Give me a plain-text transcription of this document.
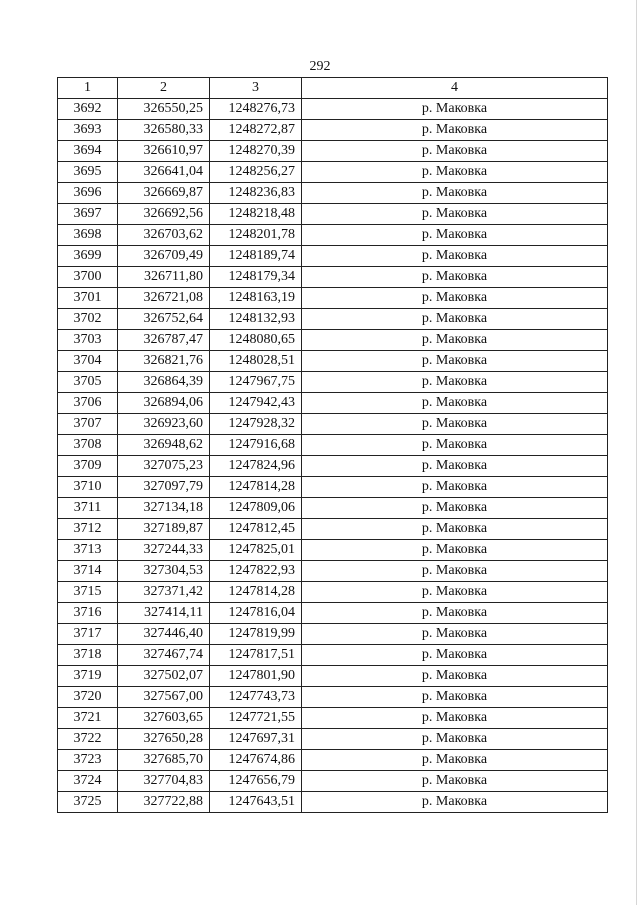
292
1	2	3	4
3692	326550,25	1248276,73	р. Маковка
3693	326580,33	1248272,87	р. Маковка
3694	326610,97	1248270,39	р. Маковка
3695	326641,04	1248256,27	р. Маковка
3696	326669,87	1248236,83	р. Маковка
3697	326692,56	1248218,48	р. Маковка
3698	326703,62	1248201,78	р. Маковка
3699	326709,49	1248189,74	р. Маковка
3700	326711,80	1248179,34	р. Маковка
3701	326721,08	1248163,19	р. Маковка
3702	326752,64	1248132,93	р. Маковка
3703	326787,47	1248080,65	р. Маковка
3704	326821,76	1248028,51	р. Маковка
3705	326864,39	1247967,75	р. Маковка
3706	326894,06	1247942,43	р. Маковка
3707	326923,60	1247928,32	р. Маковка
3708	326948,62	1247916,68	р. Маковка
3709	327075,23	1247824,96	р. Маковка
3710	327097,79	1247814,28	р. Маковка
3711	327134,18	1247809,06	р. Маковка
3712	327189,87	1247812,45	р. Маковка
3713	327244,33	1247825,01	р. Маковка
3714	327304,53	1247822,93	р. Маковка
3715	327371,42	1247814,28	р. Маковка
3716	327414,11	1247816,04	р. Маковка
3717	327446,40	1247819,99	р. Маковка
3718	327467,74	1247817,51	р. Маковка
3719	327502,07	1247801,90	р. Маковка
3720	327567,00	1247743,73	р. Маковка
3721	327603,65	1247721,55	р. Маковка
3722	327650,28	1247697,31	р. Маковка
3723	327685,70	1247674,86	р. Маковка
3724	327704,83	1247656,79	р. Маковка
3725	327722,88	1247643,51	р. Маковка
